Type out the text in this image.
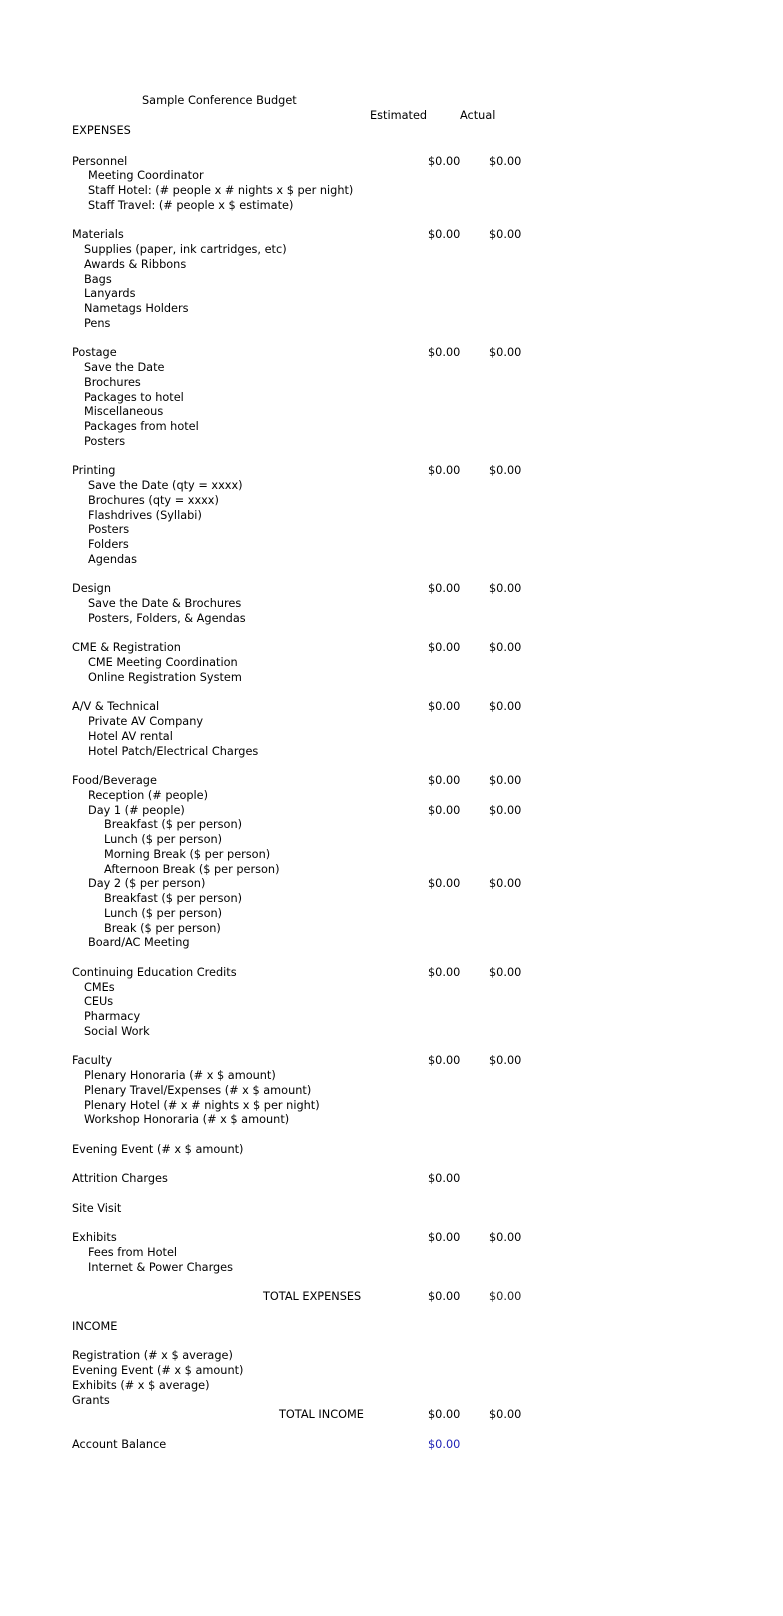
Sample Conference Budget
Estimated	Actual
EXPENSES
Personnel	$0.00	$0.00
Meeting Coordinator
Staff Hotel: (# people x # nights x $ per night)
Staff Travel: (# people x $ estimate)
Materials	$0.00	$0.00
Supplies (paper, ink cartridges, etc)
Awards & Ribbons
Bags
Lanyards
Nametags Holders
Pens
Postage	$0.00	$0.00
Save the Date
Brochures
Packages to hotel
Miscellaneous
Packages from hotel
Posters
Printing	$0.00	$0.00
Save the Date (qty = xxxx)
Brochures (qty = xxxx)
Flashdrives (Syllabi)
Posters
Folders
Agendas
Design	$0.00	$0.00
Save the Date & Brochures
Posters, Folders, & Agendas
CME & Registration	$0.00	$0.00
CME Meeting Coordination
Online Registration System
A/V & Technical	$0.00	$0.00
Private AV Company
Hotel AV rental
Hotel Patch/Electrical Charges
Food/Beverage	$0.00	$0.00
Reception (# people)
Day 1 (# people)	$0.00	$0.00
Breakfast ($ per person)
Lunch ($ per person)
Morning Break ($ per person)
Afternoon Break ($ per person)
Day 2 ($ per person)	$0.00	$0.00
Breakfast ($ per person)
Lunch ($ per person)
Break ($ per person)
Board/AC Meeting
Continuing Education Credits	$0.00	$0.00
CMEs
CEUs
Pharmacy
Social Work
Faculty	$0.00	$0.00
Plenary Honoraria (# x $ amount)
Plenary Travel/Expenses (# x $ amount)
Plenary Hotel (# x # nights x $ per night)
Workshop Honoraria (# x $ amount)
Evening Event (# x $ amount)
Attrition Charges	$0.00
Site Visit
Exhibits	$0.00	$0.00
Fees from Hotel
Internet & Power Charges
TOTAL EXPENSES	$0.00	$0.00
INCOME
Registration (# x $ average)
Evening Event (# x $ amount)
Exhibits (# x $ average)
Grants
TOTAL INCOME	$0.00	$0.00
Account Balance	$0.00
